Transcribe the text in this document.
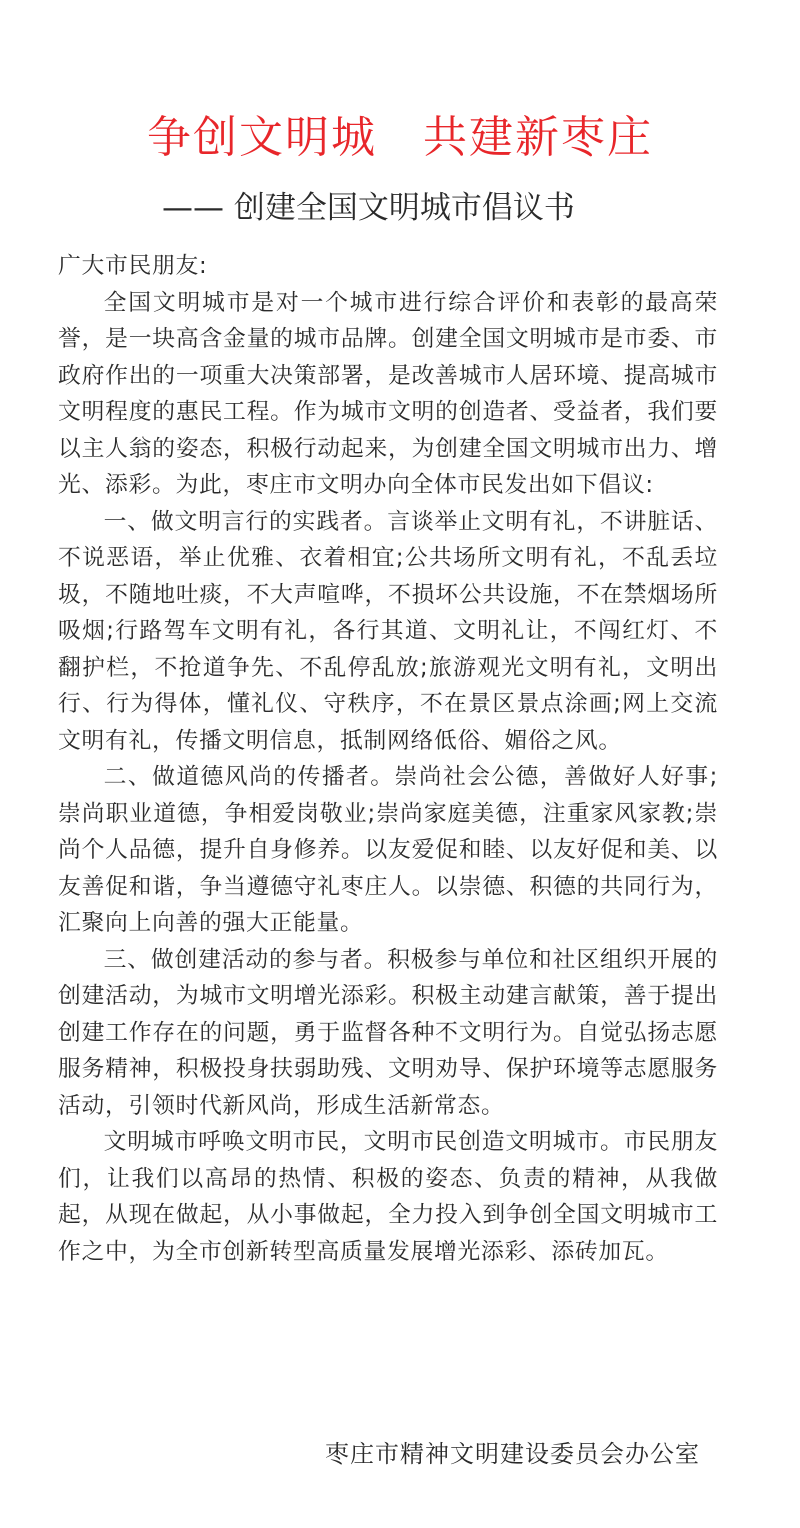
争创文明城　共建新枣庄
—— 创建全国文明城市倡议书

广大市民朋友:

全国文明城市是对一个城市进行综合评价和表彰的最高荣誉，是一块高含金量的城市品牌。创建全国文明城市是市委、市政府作出的一项重大决策部署，是改善城市人居环境、提高城市文明程度的惠民工程。作为城市文明的创造者、受益者，我们要以主人翁的姿态，积极行动起来，为创建全国文明城市出力、增光、添彩。为此，枣庄市文明办向全体市民发出如下倡议:

一、做文明言行的实践者。言谈举止文明有礼，不讲脏话、不说恶语，举止优雅、衣着相宜;公共场所文明有礼，不乱丢垃圾，不随地吐痰，不大声喧哗，不损坏公共设施，不在禁烟场所吸烟;行路驾车文明有礼，各行其道、文明礼让，不闯红灯、不翻护栏，不抢道争先、不乱停乱放;旅游观光文明有礼，文明出行、行为得体，懂礼仪、守秩序，不在景区景点涂画;网上交流文明有礼，传播文明信息，抵制网络低俗、媚俗之风。

二、做道德风尚的传播者。崇尚社会公德，善做好人好事;崇尚职业道德，争相爱岗敬业;崇尚家庭美德，注重家风家教;崇尚个人品德，提升自身修养。以友爱促和睦、以友好促和美、以友善促和谐，争当遵德守礼枣庄人。以崇德、积德的共同行为，汇聚向上向善的强大正能量。

三、做创建活动的参与者。积极参与单位和社区组织开展的创建活动，为城市文明增光添彩。积极主动建言献策，善于提出创建工作存在的问题，勇于监督各种不文明行为。自觉弘扬志愿服务精神，积极投身扶弱助残、文明劝导、保护环境等志愿服务活动，引领时代新风尚，形成生活新常态。

文明城市呼唤文明市民，文明市民创造文明城市。市民朋友们，让我们以高昂的热情、积极的姿态、负责的精神，从我做起，从现在做起，从小事做起，全力投入到争创全国文明城市工作之中，为全市创新转型高质量发展增光添彩、添砖加瓦。

枣庄市精神文明建设委员会办公室
